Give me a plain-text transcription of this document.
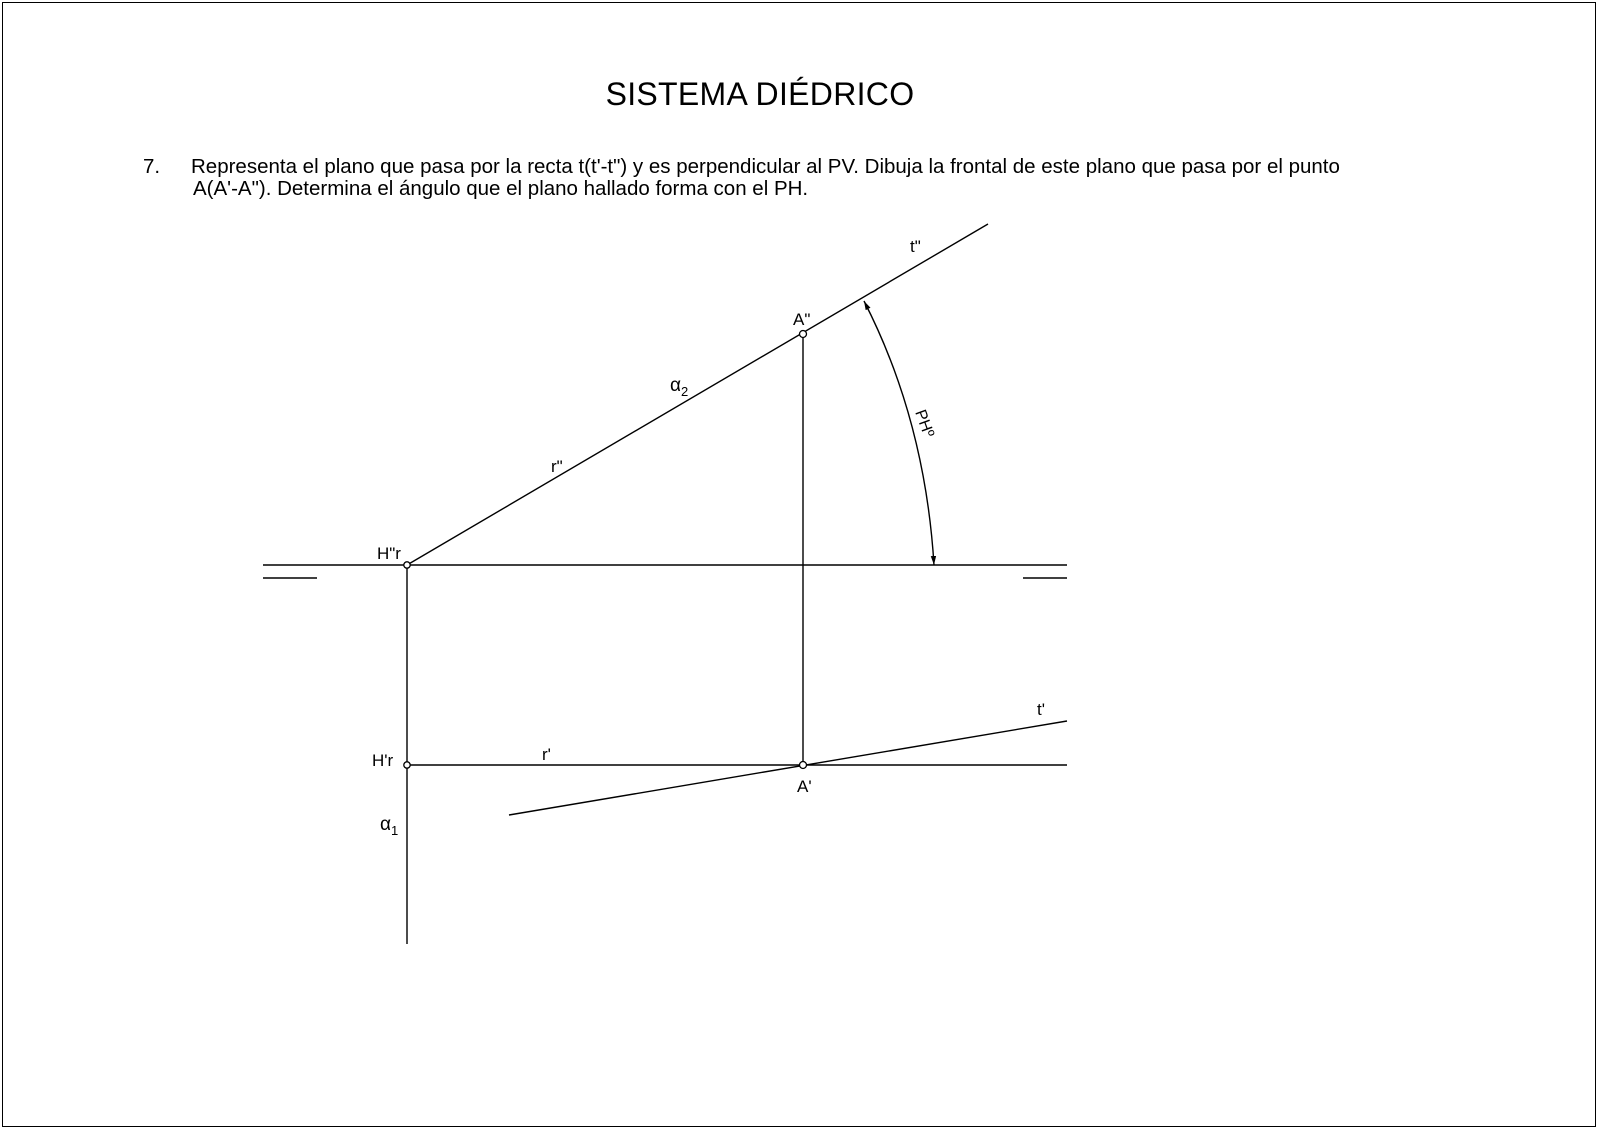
SISTEMA DIÉDRICO
7. Representa el plano que pasa por la recta t(t'-t") y es perpendicular al PV. Dibuja la frontal de este plano que pasa por el punto
A(A'-A"). Determina el ángulo que el plano hallado forma con el PH.
t"
A"
$\alpha_2$
r"
PHº
H"r
t'
H'r	r'
A'
$\alpha_1$
